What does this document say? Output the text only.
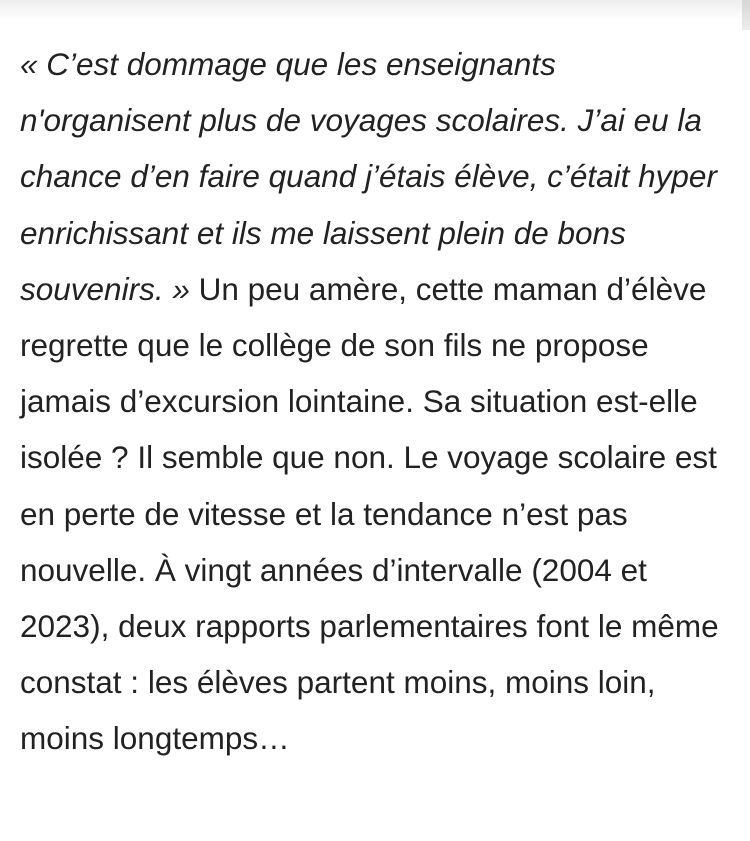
« C’est dommage que les enseignants n'organisent plus de voyages scolaires. J’ai eu la chance d’en faire quand j’étais élève, c’était hyper enrichissant et ils me laissent plein de bons souvenirs. » Un peu amère, cette maman d’élève regrette que le collège de son fils ne propose jamais d’excursion lointaine. Sa situation est-elle isolée ? Il semble que non. Le voyage scolaire est en perte de vitesse et la tendance n’est pas nouvelle. À vingt années d’intervalle (2004 et 2023), deux rapports parlementaires font le même constat : les élèves partent moins, moins loin, moins longtemps…
